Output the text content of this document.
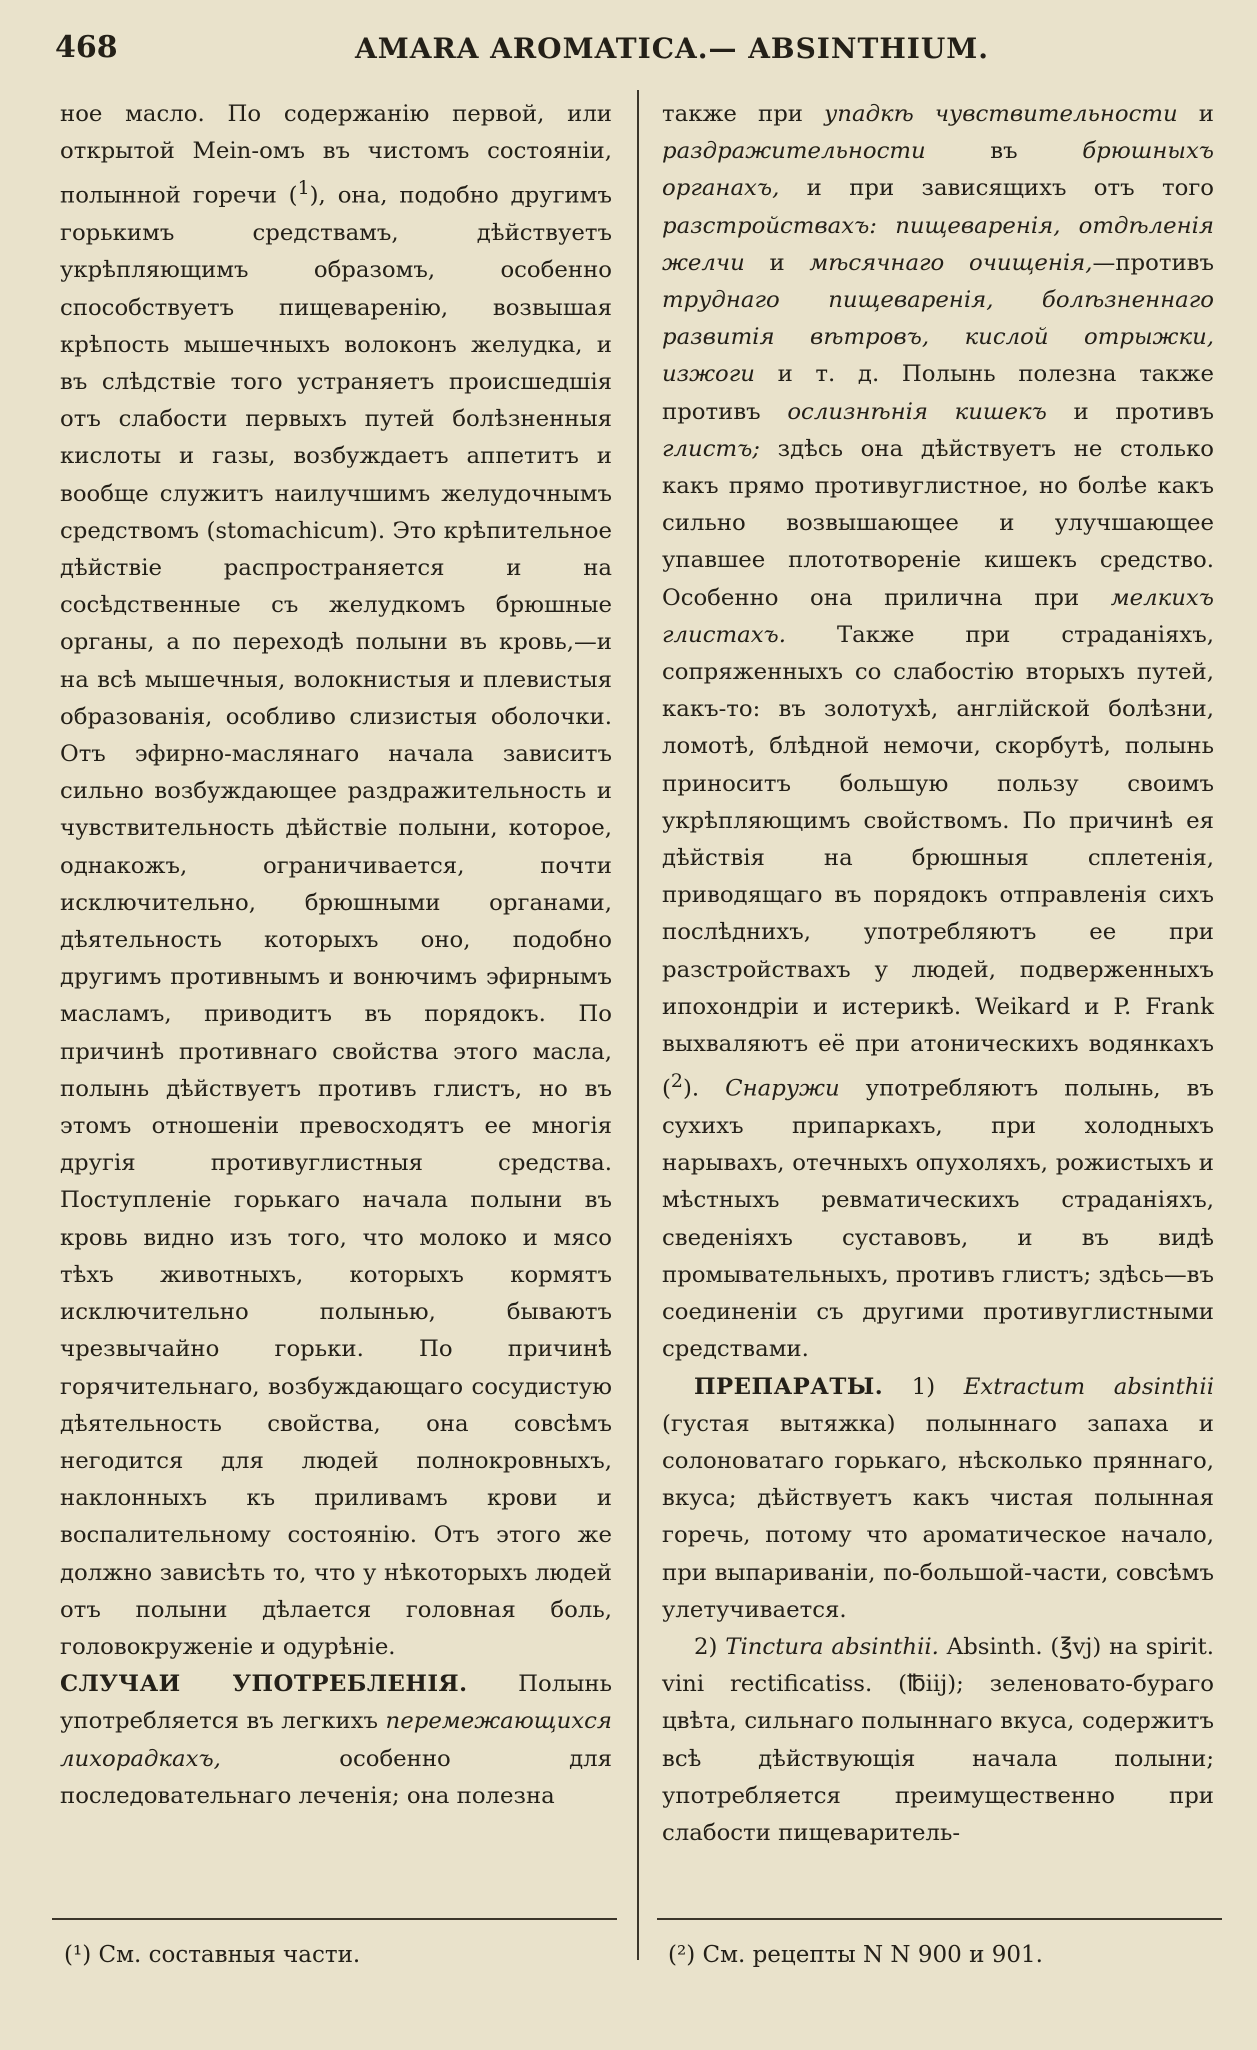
468	AMARA AROMATICA.— ABSINTHIUM.

ное масло. По содержанію первой, или открытой Mein-омъ въ чистомъ состояніи, полынной горечи ($^1$), она, подобно другимъ горькимъ средствамъ, дѣйствуетъ укрѣпляющимъ образомъ, особенно способствуетъ пищеваренію, возвышая крѣпость мышечныхъ волоконъ желудка, и въ слѣдствіе того устраняетъ происшедшія отъ слабости первыхъ путей болѣзненныя кислоты и газы, возбуждаетъ аппетитъ и вообще служитъ наилучшимъ желудочнымъ средствомъ (stomachicum). Это крѣпительное дѣйствіе распространяется и на сосѣдственные съ желудкомъ брюшные органы, а по переходѣ полыни въ кровь,—и на всѣ мышечныя, волокнистыя и плевистыя образованія, особливо слизистыя оболочки. Отъ эфирно-маслянаго начала зависитъ сильно возбуждающее раздражительность и чувствительность дѣйствіе полыни, которое, однакожъ, ограничивается, почти исключительно, брюшными органами, дѣятельность которыхъ оно, подобно другимъ противнымъ и вонючимъ эфирнымъ масламъ, приводитъ въ порядокъ. По причинѣ противнаго свойства этого масла, полынь дѣйствуетъ противъ глистъ, но въ этомъ отношеніи превосходятъ ее многія другія противуглистныя средства. Поступленіе горькаго начала полыни въ кровь видно изъ того, что молоко и мясо тѣхъ животныхъ, которыхъ кормятъ исключительно полынью, бываютъ чрезвычайно горьки. По причинѣ горячительнаго, возбуждающаго сосудистую дѣятельность свойства, она совсѣмъ негодится для людей полнокровныхъ, наклонныхъ къ приливамъ крови и воспалительному состоянію. Отъ этого же должно зависѣть то, что у нѣкоторыхъ людей отъ полыни дѣлается головная боль, головокруженіе и одурѣніе.

СЛУЧАИ УПОТРЕБЛЕНІЯ. Полынь употребляется въ легкихъ перемежающихся лихорадкахъ, особенно для последовательнаго леченія; она полезна

также при упадкѣ чувствительности и раздражительности въ брюшныхъ органахъ, и при зависящихъ отъ того разстройствахъ: пищеваренія, отдѣленія желчи и мѣсячнаго очищенія,—противъ труднаго пищеваренія, болѣзненнаго развитія вѣтровъ, кислой отрыжки, изжоги и т. д. Полынь полезна также противъ ослизнѣнія кишекъ и противъ глистъ; здѣсь она дѣйствуетъ не столько какъ прямо противуглистное, но болѣе какъ сильно возвышающее и улучшающее упавшее плототвореніе кишекъ средство. Особенно она прилична при мелкихъ глистахъ. Также при страданіяхъ, сопряженныхъ со слабостію вторыхъ путей, какъ-то: въ золотухѣ, англійской болѣзни, ломотѣ, блѣдной немочи, скорбутѣ, полынь приноситъ большую пользу своимъ укрѣпляющимъ свойствомъ. По причинѣ ея дѣйствія на брюшныя сплетенія, приводящаго въ порядокъ отправленія сихъ послѣднихъ, употребляютъ ее при разстройствахъ у людей, подверженныхъ ипохондріи и истерикѣ. Weikard и P. Frank выхваляютъ её при атоническихъ водянкахъ ($^2$). Снаружи употребляютъ полынь, въ сухихъ припаркахъ, при холодныхъ нарывахъ, отечныхъ опухоляхъ, рожистыхъ и мѣстныхъ ревматическихъ страданіяхъ, сведеніяхъ суставовъ, и въ видѣ промывательныхъ, противъ глистъ; здѣсь—въ соединеніи съ другими противуглистными средствами.

ПРЕПАРАТЫ. 1) Extractum absinthii (густая вытяжка) полыннаго запаха и солоноватаго горькаго, нѣсколько пряннаго, вкуса; дѣйствуетъ какъ чистая полынная горечь, потому что ароматическое начало, при выпариваніи, по-большой-части, совсѣмъ улетучивается.

2) Tinctura absinthii. Absinth. (℥vj) на spirit. vini rectificatiss. (℔iij); зеленовато-бураго цвѣта, сильнаго полыннаго вкуса, содержитъ всѣ дѣйствующія начала полыни; употребляется преимущественно при слабости пищеваритель-

(¹) См. составныя части.	(²) См. рецепты N N 900 и 901.
